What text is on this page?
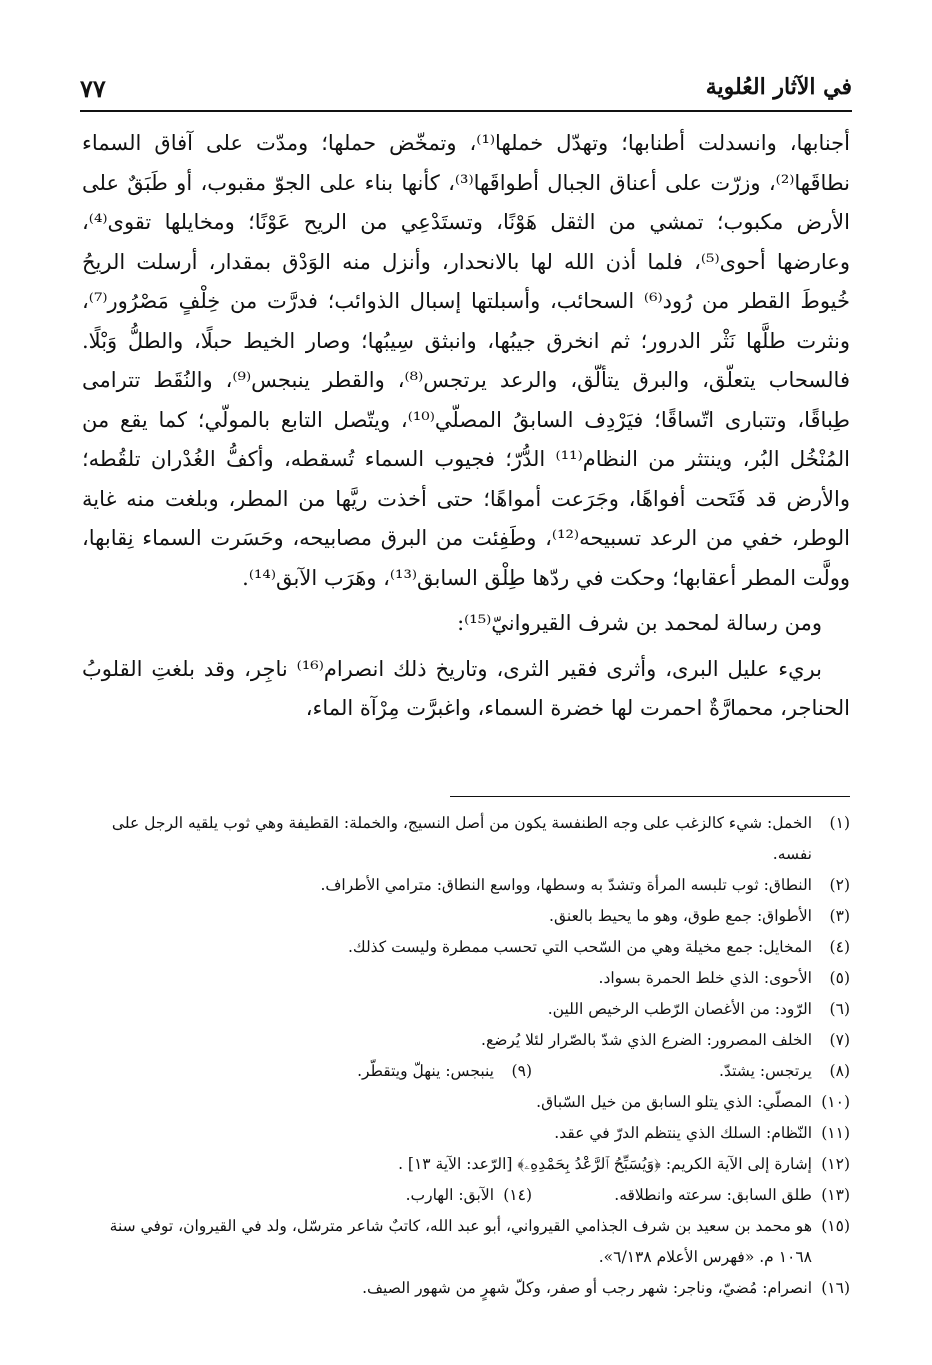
٧٧	في الآثار العُلوية

أجنابها، وانسدلت أطنابها؛ وتهدّل خملها⁽¹⁾، وتمخّض حملها؛ ومدّت على آفاق السماء نطاقَها⁽²⁾، وزرّت على أعناق الجبال أطواقَها⁽³⁾، كأنها بناء على الجوّ مقبوب، أو طَبَقٌ على الأرض مكبوب؛ تمشي من الثقل هَوْنًا، وتستَدْعِي من الريح عَوْنًا؛ ومخايلها تقوى⁽⁴⁾، وعارضها أحوى⁽⁵⁾، فلما أذن الله لها بالانحدار، وأنزل منه الوَدْق بمقدار، أرسلت الريحُ خُيوطَ القطر من رُود⁽⁶⁾ السحائب، وأسبلتها إسبال الذوائب؛ فدرَّت من خِلْفٍ مَصْرُور⁽⁷⁾، ونثرت طلَّها نَثْر الدرور؛ ثم انخرق جيبُها، وانبثق سِيبُها؛ وصار الخيط حبلًا، والطلُّ وَبْلًا. فالسحاب يتعلّق، والبرق يتألّق، والرعد يرتجس⁽⁸⁾، والقطر ينبجس⁽⁹⁾، والنُقَط تترامى طِباقًا، وتتبارى اتّساقًا؛ فيَرْدِف السابقُ المصلّي⁽¹⁰⁾، ويتّصل التابع بالمولّي؛ كما يقع من المُنْخُل البُر، وينتثر من النظام⁽¹¹⁾ الدُّرّ؛ فجيوب السماء تُسقطه، وأكفُّ الغُدْران تلقُطه؛ والأرض قد فَتَحت أفواهًا، وجَرَعت أمواهًا؛ حتى أخذت ريَّها من المطر، وبلغت منه غاية الوطر، خفي من الرعد تسبيحه⁽¹²⁾، وطَفِئت من البرق مصابيحه، وحَسَرت السماء نِقابها، وولَّت المطر أعقابها؛ وحكت في ردّها طِلْق السابق⁽¹³⁾، وهَرَب الآبق⁽¹⁴⁾.

ومن رسالة لمحمد بن شرف القيروانيّ⁽¹⁵⁾:

بريء عليل البرى، وأثرى فقير الثرى، وتاريخ ذلك انصرام⁽¹⁶⁾ ناجِر، وقد بلغتِ القلوبُ الحناجر، محمارَّةٌ احمرت لها خضرة السماء، واغبرَّت مِرْآة الماء،

(١)
الخمل: شيء كالزغب على وجه الطنفسة يكون من أصل النسيج، والخملة: القطيفة وهي ثوب يلقيه الرجل على نفسه.
(٢)
النطاق: ثوب تلبسه المرأة وتشدّ به وسطها، وواسع النطاق: مترامي الأطراف.
(٣)
الأطواق: جمع طوق، وهو ما يحيط بالعنق.
(٤)
المخايل: جمع مخيلة وهي من السّحب التي تحسب ممطرة وليست كذلك.
(٥)
الأحوى: الذي خلط الحمرة بسواد.
(٦)
الرّود: من الأغصان الرّطب الرخيص اللين.
(٧)
الخلف المصرور: الضرع الذي شدّ بالصّرار لئلا يُرضع.
(٨)
يرتجس: يشتدّ.
(٩)
ينبجس: ينهلّ ويتقطّر.
(١٠)
المصلّي: الذي يتلو السابق من خيل السّباق.
(١١)
النّظام: السلك الذي ينتظم الدرّ في عقد.
(١٢)
إشارة إلى الآية الكريم: ﴿وَيُسَبِّحُ ٱلرَّعْدُ بِحَمْدِهِۦ﴾ [الرّعد: الآية ١٣] .
(١٣)
طلق السابق: سرعته وانطلاقه.
(١٤)
الآبق: الهارب.
(١٥)
هو محمد بن سعيد بن شرف الجذامي القيرواني، أبو عبد الله، كاتبٌ شاعر مترسّل، ولد في القيروان، توفي سنة ١٠٦٨ م. «فهرس الأعلام ٦/١٣٨».
(١٦)
انصرام: مُضيّ، وناجر: شهر رجب أو صفر، وكلّ شهرٍ من شهور الصيف.
